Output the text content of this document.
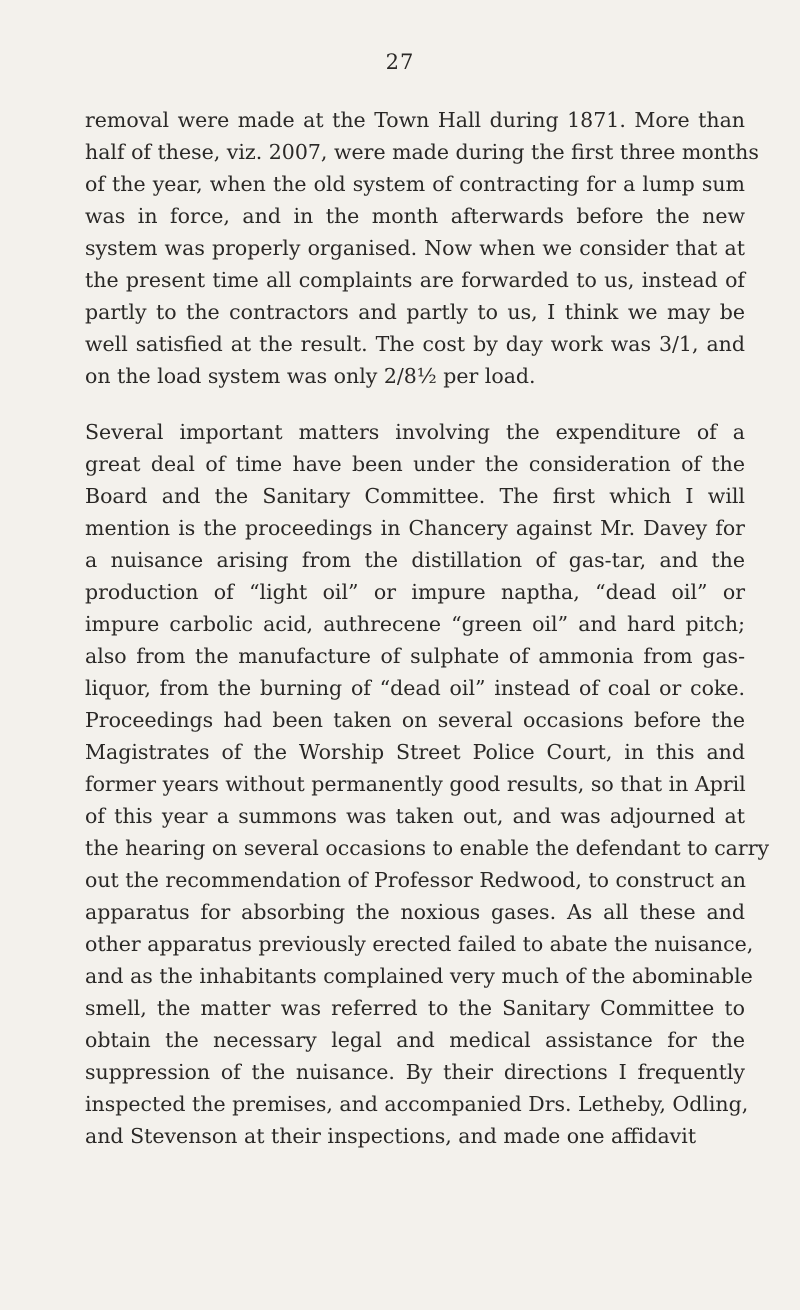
27
removal were made at the Town Hall during 1871. More than
half of these, viz. 2007, were made during the first three months
of the year, when the old system of contracting for a lump sum
was in force, and in the month afterwards before the new
system was properly organised. Now when we consider that at
the present time all complaints are forwarded to us, instead of
partly to the contractors and partly to us, I think we may be
well satisfied at the result. The cost by day work was 3/1, and
on the load system was only 2/8½ per load.
Several important matters involving the expenditure of a
great deal of time have been under the consideration of the
Board and the Sanitary Committee. The first which I will
mention is the proceedings in Chancery against Mr. Davey for
a nuisance arising from the distillation of gas-tar, and the
production of “light oil” or impure naptha, “dead oil” or
impure carbolic acid, authrecene “green oil” and hard pitch;
also from the manufacture of sulphate of ammonia from gas-
liquor, from the burning of “dead oil” instead of coal or coke.
Proceedings had been taken on several occasions before the
Magistrates of the Worship Street Police Court, in this and
former years without permanently good results, so that in April
of this year a summons was taken out, and was adjourned at
the hearing on several occasions to enable the defendant to carry
out the recommendation of Professor Redwood, to construct an
apparatus for absorbing the noxious gases. As all these and
other apparatus previously erected failed to abate the nuisance,
and as the inhabitants complained very much of the abominable
smell, the matter was referred to the Sanitary Committee to
obtain the necessary legal and medical assistance for the
suppression of the nuisance. By their directions I frequently
inspected the premises, and accompanied Drs. Letheby, Odling,
and Stevenson at their inspections, and made one affidavit
